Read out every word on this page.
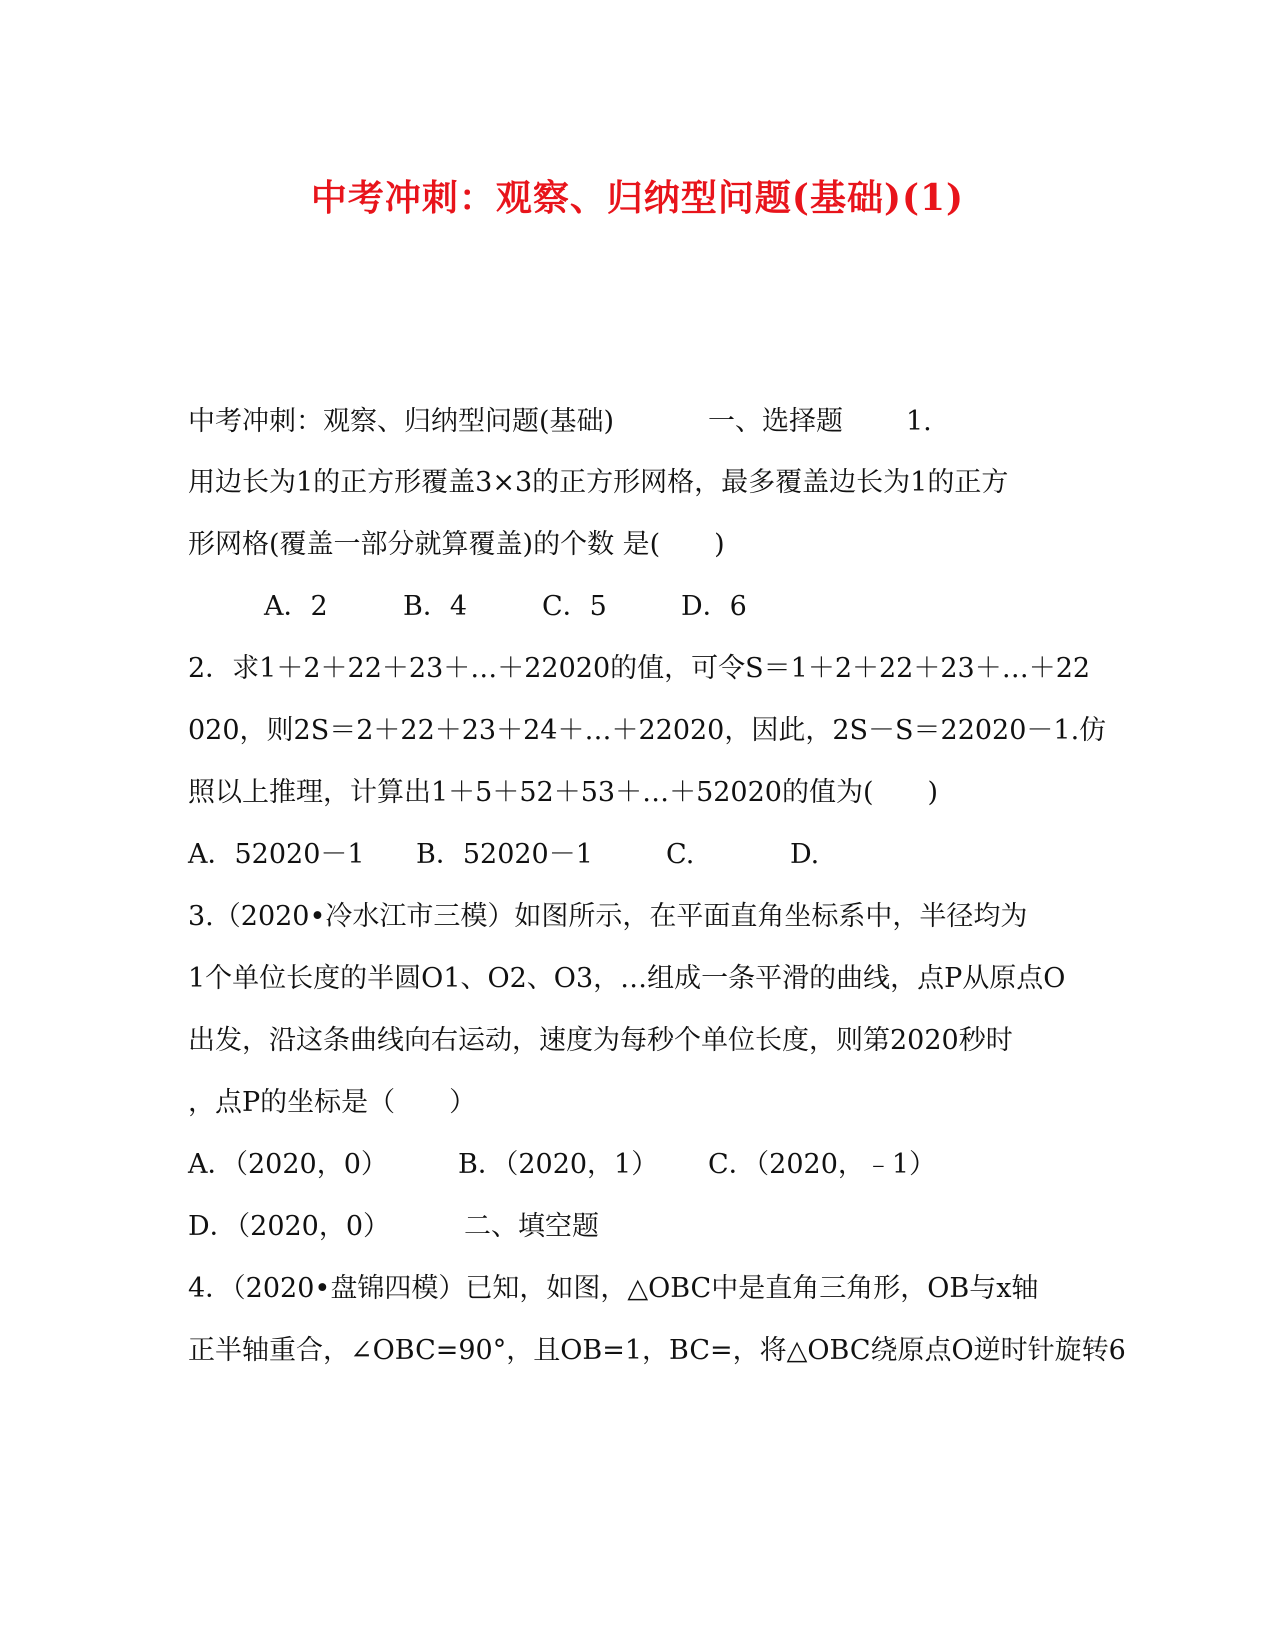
中考冲刺：观察、归纳型问题(基础)(1)
中考冲刺：观察、归纳型问题(基础)	一、选择题 1.
用边长为1的正方形覆盖3×3的正方形网格，最多覆盖边长为1的正方
形网格(覆盖一部分就算覆盖)的个数 是(　　)
A．2	B．4	C．5	D．6
2．求1＋2＋22＋23＋…＋22020的值，可令S＝1＋2＋22＋23＋…＋22
020，则2S＝2＋22＋23＋24＋…＋22020，因此，2S－S＝22020－1.仿
照以上推理，计算出1＋5＋52＋53＋…＋52020的值为(　　)
A．52020－1 B．52020－1	C.	D.
3.（2020•冷水江市三模）如图所示，在平面直角坐标系中，半径均为
1个单位长度的半圆O1、O2、O3，…组成一条平滑的曲线，点P从原点O
出发，沿这条曲线向右运动，速度为每秒个单位长度，则第2020秒时
，点P的坐标是（　　）
A．（2020，0）	B．（2020，1） C．（2020，﹣1）
D．（2020，0）	二、填空题
4．（2020•盘锦四模）已知，如图，△OBC中是直角三角形，OB与x轴
正半轴重合，∠OBC=90°，且OB=1，BC=，将△OBC绕原点O逆时针旋转6
